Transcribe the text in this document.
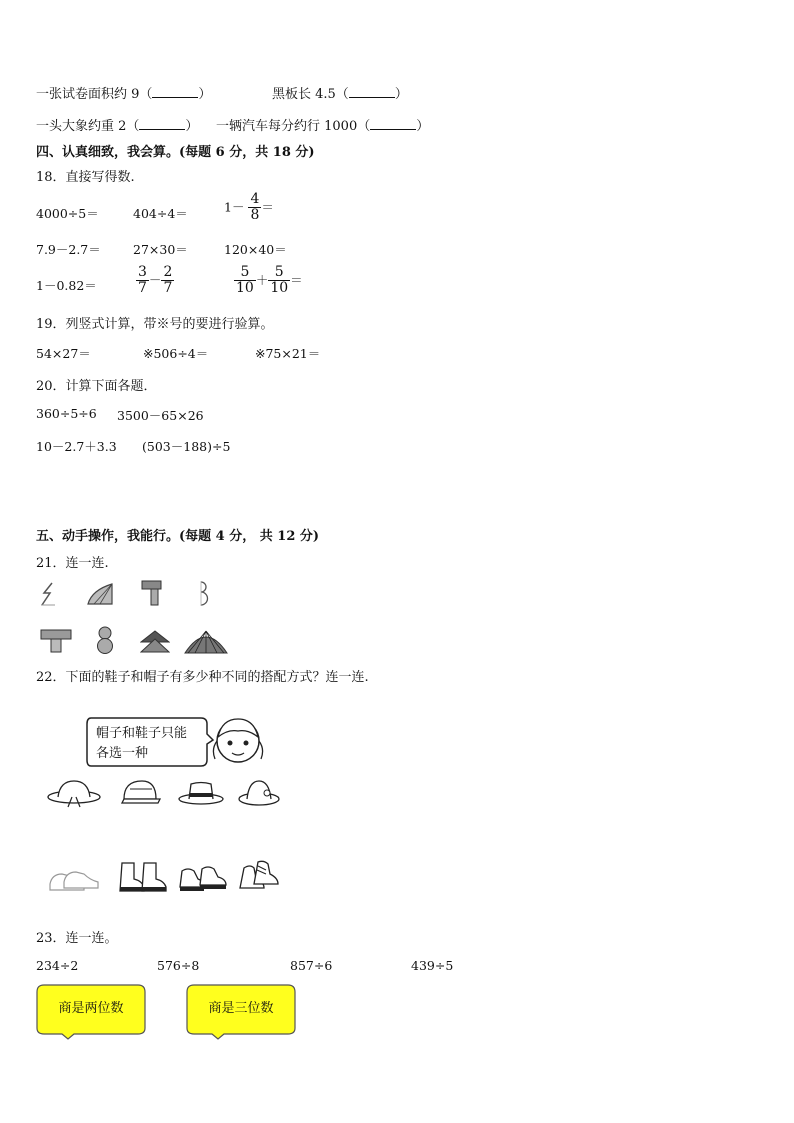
一张试卷面积约 9（	）	黑板长 4.5（	）
一头大象约重 2（	） 一辆汽车每分约行 1000（	）
四、认真细致，我会算。(每题 6 分，共 18 分)
18．直接写得数.
4000÷5＝	404÷4＝	$1- \frac{4}{8}$ ＝
7.9－2.7＝	27×30＝	120×40＝
1－0.82＝	$\frac{3}{7} - \frac{2}{7}$	$\frac{5}{10} + \frac{5}{10}$ ＝
19．列竖式计算，带※号的要进行验算。
54×27＝	※506÷4＝	※75×21＝
20．计算下面各题．
360÷5÷6 3500－65×26
10－2.7＋3.3 (503－188)÷5
五、动手操作，我能行。(每题 4 分， 共 12 分)
21．连一连.
22．下面的鞋子和帽子有多少种不同的搭配方式？连一连.
帽子和鞋子只能
各选一种
23．连一连。
234÷2	576÷8	857÷6	439÷5
商是两位数	商是三位数
